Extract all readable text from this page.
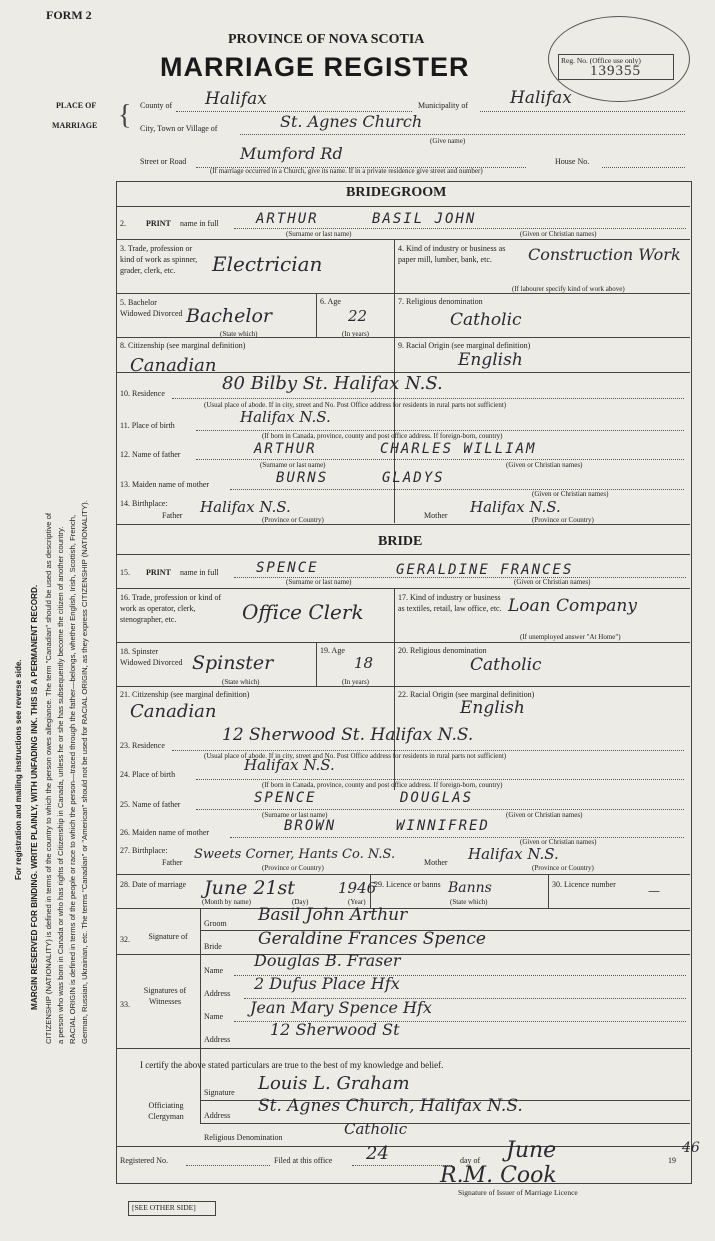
FORM 2
PROVINCE OF NOVA SCOTIA
MARRIAGE REGISTER	Reg. No. (Office use only)
139355
PLACE OF
MARRIAGE { County of Halifax	Municipality of Halifax
City, Town or Village of	St. Agnes Church
(Give name)
Street or Road	Mumford Rd	House No.
(If marriage occurred in a Church, give its name. If in a private residence give street and number)
For registration and mailing instructions see reverse side. MARGIN RESERVED FOR BINDING. WRITE PLAINLY, WITH UNFADING INK. THIS IS A PERMANENT RECORD. CITIZENSHIP (NATIONALITY) is defined in terms of the country to which the person owes allegiance. The term "Canadian" should be used as descriptive of a person who was born in Canada or who has rights of Citizenship in Canada, unless he or she has subsequently become the citizen of another country. RACIAL ORIGIN is defined in terms of the people or race to which the person—traced through the father—belongs, whether English, Irish, Scottish, French, German, Russian, Ukrainian, etc. The terms "Canadian" or "American" should not be used for RACIAL ORIGIN, as they express CITIZENSHIP (NATIONALITY).
BRIDEGROOM
2.	PRINT name in full	ARTHUR	BASIL JOHN
(Surname or last name)	(Given or Christian names)
3. Trade, profession or kind of work as spinner, grader, clerk, etc.	Electrician
4. Kind of industry or business as paper mill, lumber, bank, etc.	Construction Work
(If labourer specify kind of work above)
5. Bachelor Widowed Divorced Bachelor
(State which)
6. Age
22
(In years)
7. Religious denomination
Catholic
8. Citizenship (see marginal definition)
Canadian
9. Racial Origin (see marginal definition)
English
10. Residence	80 Bilby St. Halifax N.S.
(Usual place of abode. If in city, street and No. Post Office address for residents in rural parts not sufficient)
11. Place of birth	Halifax N.S.
(If born in Canada, province, county and post office address. If foreign-born, country)
12. Name of father	ARTHUR	CHARLES WILLIAM
(Surname or last name)	(Given or Christian names)
13. Maiden name of mother	BURNS	GLADYS
(Given or Christian names)
14. Birthplace:
Father Halifax N.S.	Mother Halifax N.S.
(Province or Country)	(Province or Country)
BRIDE
15. PRINT name in full	SPENCE	GERALDINE FRANCES
(Surname or last name)	(Given or Christian names)
16. Trade, profession or kind of work as operator, clerk, stenographer, etc.	Office Clerk
17. Kind of industry or business as textiles, retail, law office, etc. Loan Company
(If unemployed answer "At Home")
18. Spinster Widowed Divorced Spinster
(State which)
19. Age
18
(In years)
20. Religious denomination
Catholic
21. Citizenship (see marginal definition)
Canadian
22. Racial Origin (see marginal definition)
English
23. Residence
12 Sherwood St. Halifax N.S.
(Usual place of abode. If in city, street and No. Post Office address for residents in rural parts not sufficient)
24. Place of birth
Halifax N.S.
(If born in Canada, province, county and post office address. If foreign-born, country)
25. Name of father	SPENCE	DOUGLAS
(Surname or last name)	(Given or Christian names)
26. Maiden name of mother	BROWN	WINNIFRED
(Given or Christian names)
27. Birthplace:
Father
Sweets Corner, Hants Co. N.S.
Mother Halifax N.S.
(Province or Country)	(Province or Country)
28. Date of marriage June 21st	1946
(Month by name)	(Day)	(Year)
29. Licence or banns Banns
(State which)
30. Licence number	—
32. Signature of
Groom Basil John Arthur
Bride Geraldine Frances Spence
Name
Douglas B. Fraser
Address
2 Dufus Place Hfx
33.
Signatures of Witnesses
Name Jean Mary Spence Hfx
Address
12 Sherwood St
I certify the above stated particulars are true to the best of my knowledge and belief.
Officiating Clergyman
Signature Louis L. Graham
Address St. Agnes Church, Halifax N.S.
Religious Denomination	Catholic
Registered No.	Filed at this office 24	day of June	19
46
R.M. Cook
Signature of Issuer of Marriage Licence
[SEE OTHER SIDE]
